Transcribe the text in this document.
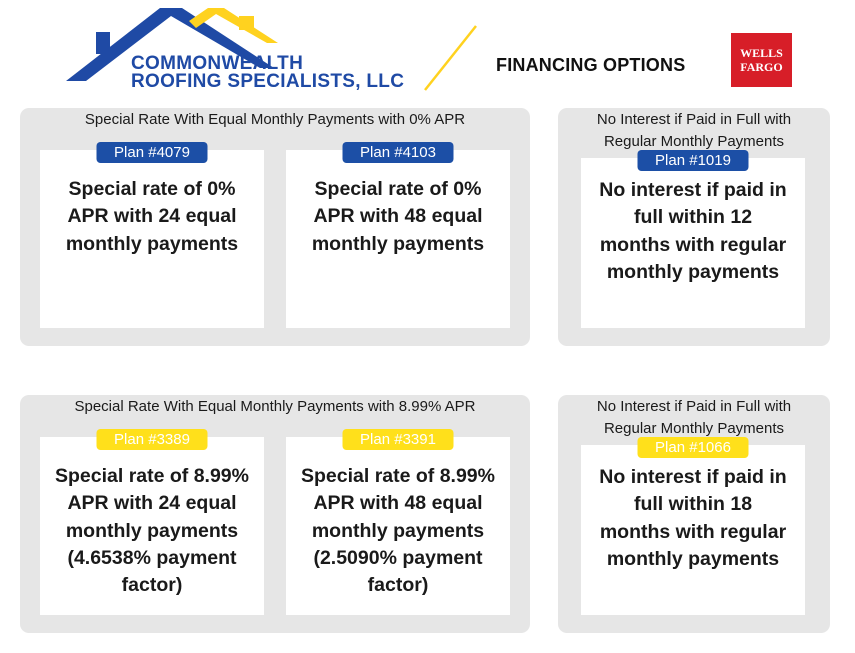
COMMONWEALTH
ROOFING SPECIALISTS, LLC
FINANCING OPTIONS
WELLS
FARGO
Special Rate With Equal Monthly Payments with 0% APR
Plan #4079
Special rate of 0% APR with 24 equal monthly payments
Plan #4103
Special rate of 0% APR with 48 equal monthly payments
No Interest if Paid in Full with Regular Monthly Payments
Plan #1019
No interest if paid in full within 12 months with regular monthly payments
Special Rate With Equal Monthly Payments with 8.99% APR
Plan #3389
Special rate of 8.99% APR with 24 equal monthly payments (4.6538% payment factor)
Plan #3391
Special rate of 8.99% APR with 48 equal monthly payments (2.5090% payment factor)
No Interest if Paid in Full with Regular Monthly Payments
Plan #1066
No interest if paid in full within 18 months with regular monthly payments
